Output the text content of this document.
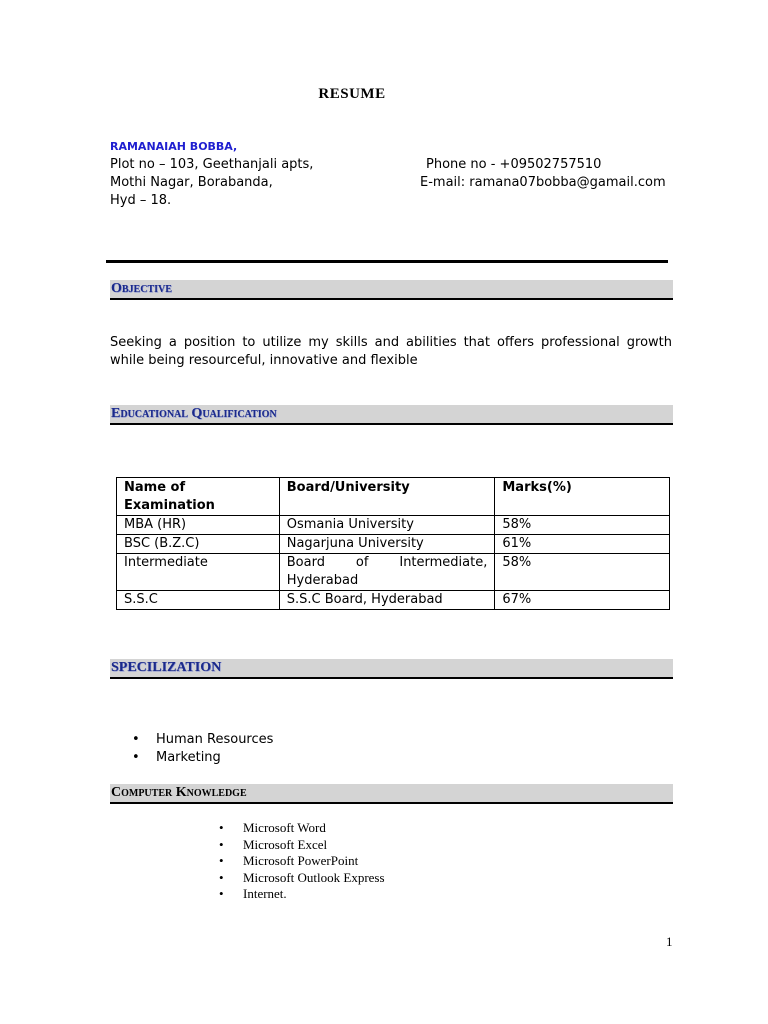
RESUME
RAMANAIAH BOBBA,
Plot no – 103, Geethanjali apts,
Mothi Nagar, Borabanda,
Hyd – 18.
Phone no - +09502757510
E-mail: ramana07bobba@gamail.com
Objective
Seeking a position to utilize my skills and abilities that offers professional growth while being resourceful, innovative and flexible
Educational Qualification
Name of Examination	Board/University	Marks(%)
MBA (HR)	Osmania University	58%
BSC (B.Z.C)	Nagarjuna University	61%
Intermediate	Board of Intermediate, Hyderabad	58%
S.S.C	S.S.C Board, Hyderabad	67%
SPECILIZATION
• Human Resources
• Marketing
Computer Knowledge
• Microsoft Word
• Microsoft Excel
• Microsoft PowerPoint
• Microsoft Outlook Express
• Internet.
1
